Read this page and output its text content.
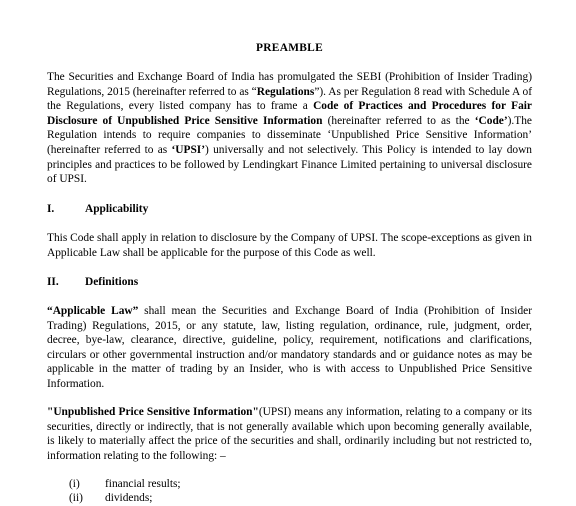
PREAMBLE

The Securities and Exchange Board of India has promulgated the SEBI (Prohibition of Insider Trading) Regulations, 2015 (hereinafter referred to as “Regulations”). As per Regulation 8 read with Schedule A of the Regulations, every listed company has to frame a Code of Practices and Procedures for Fair Disclosure of Unpublished Price Sensitive Information (hereinafter referred to as the ‘Code’).The Regulation intends to require companies to disseminate ‘Unpublished Price Sensitive Information’ (hereinafter referred to as ‘UPSI’) universally and not selectively. This Policy is intended to lay down principles and practices to be followed by Lendingkart Finance Limited pertaining to universal disclosure of UPSI.

I.	Applicability

This Code shall apply in relation to disclosure by the Company of UPSI. The scope-exceptions as given in Applicable Law shall be applicable for the purpose of this Code as well.

II. Definitions

“Applicable Law” shall mean the Securities and Exchange Board of India (Prohibition of Insider Trading) Regulations, 2015, or any statute, law, listing regulation, ordinance, rule, judgment, order, decree, bye-law, clearance, directive, guideline, policy, requirement, notifications and clarifications, circulars or other governmental instruction and/or mandatory standards and or guidance notes as may be applicable in the matter of trading by an Insider, who is with access to Unpublished Price Sensitive Information.

"Unpublished Price Sensitive Information"(UPSI) means any information, relating to a company or its securities, directly or indirectly, that is not generally available which upon becoming generally available, is likely to materially affect the price of the securities and shall, ordinarily including but not restricted to, information relating to the following: –

(i) financial results;
(ii) dividends;
